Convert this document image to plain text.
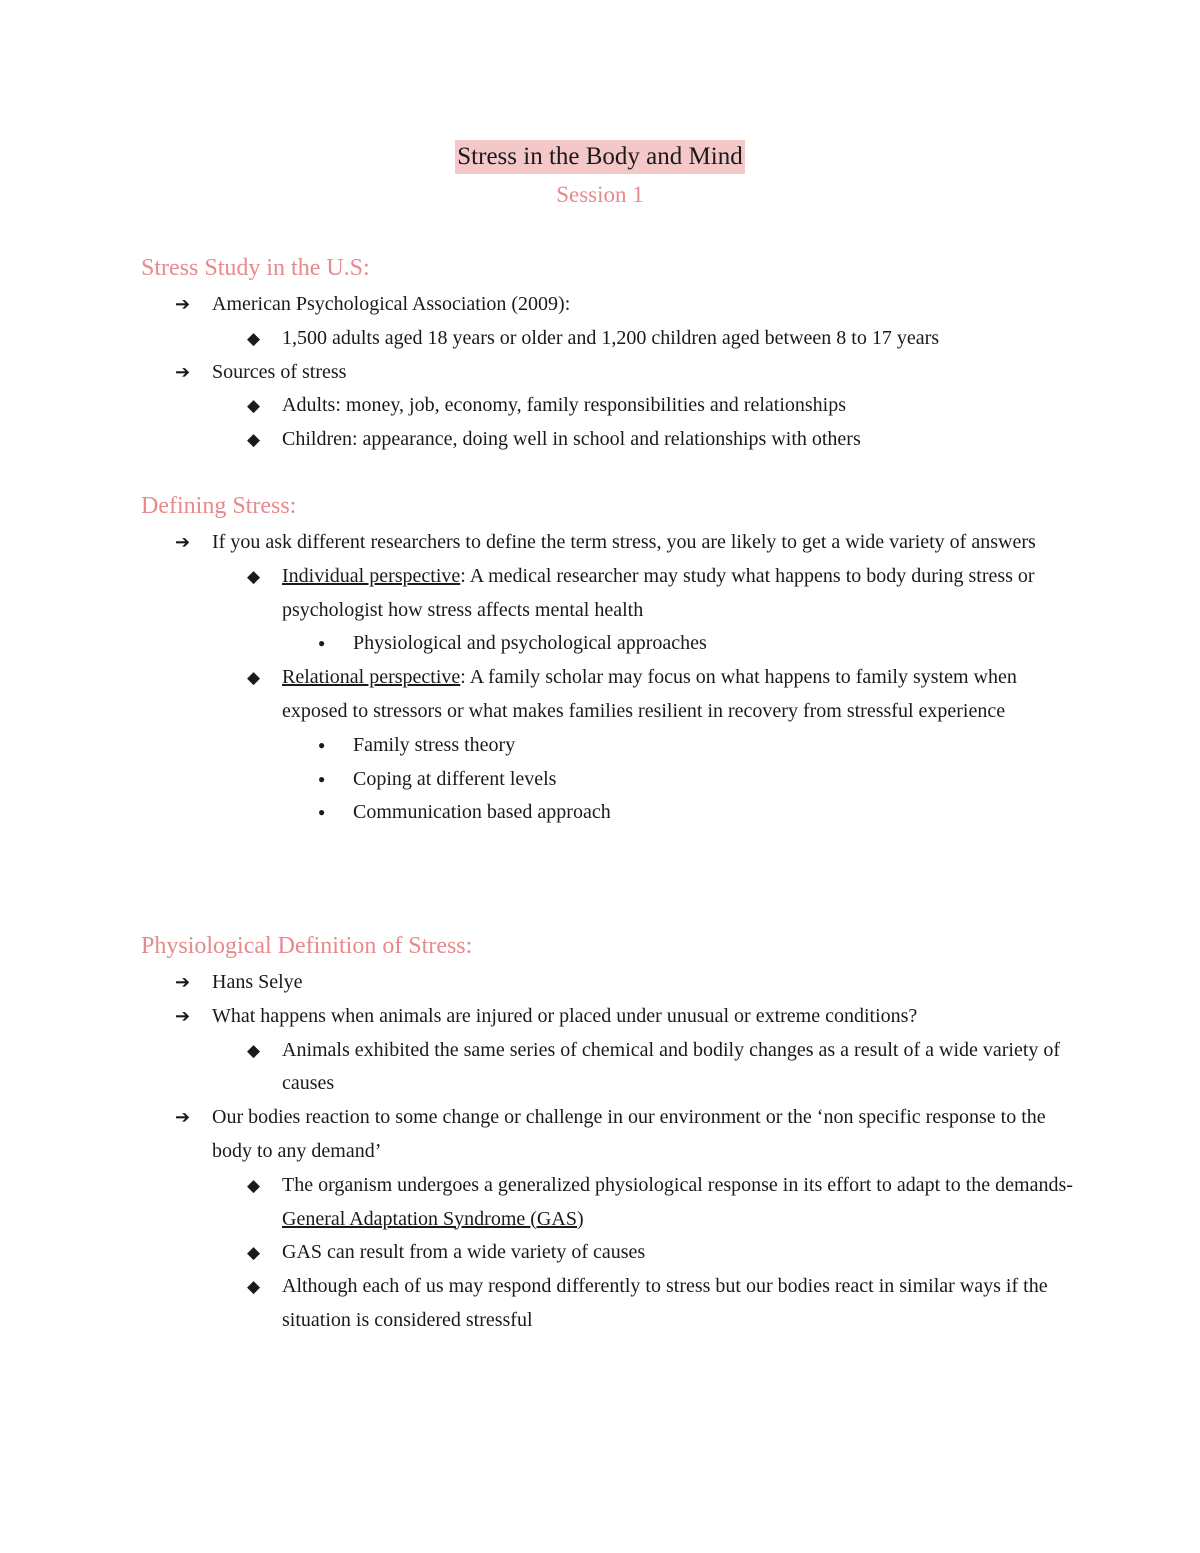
Stress in the Body and Mind
Session 1
Stress Study in the U.S:
➔ American Psychological Association (2009):
◆ 1,500 adults aged 18 years or older and 1,200 children aged between 8 to 17 years
➔ Sources of stress
◆ Adults: money, job, economy, family responsibilities and relationships
◆ Children: appearance, doing well in school and relationships with others
Defining Stress:
➔ If you ask different researchers to define the term stress, you are likely to get a wide variety of answers
◆ Individual perspective: A medical researcher may study what happens to body during stress or psychologist how stress affects mental health
● Physiological and psychological approaches
◆ Relational perspective: A family scholar may focus on what happens to family system when exposed to stressors or what makes families resilient in recovery from stressful experience
● Family stress theory
● Coping at different levels
● Communication based approach
Physiological Definition of Stress:
➔ Hans Selye
➔ What happens when animals are injured or placed under unusual or extreme conditions?
◆ Animals exhibited the same series of chemical and bodily changes as a result of a wide variety of causes
➔ Our bodies reaction to some change or challenge in our environment or the ‘non specific response to the body to any demand’
◆ The organism undergoes a generalized physiological response in its effort to adapt to the demands- General Adaptation Syndrome (GAS)
◆ GAS can result from a wide variety of causes
◆ Although each of us may respond differently to stress but our bodies react in similar ways if the situation is considered stressful
